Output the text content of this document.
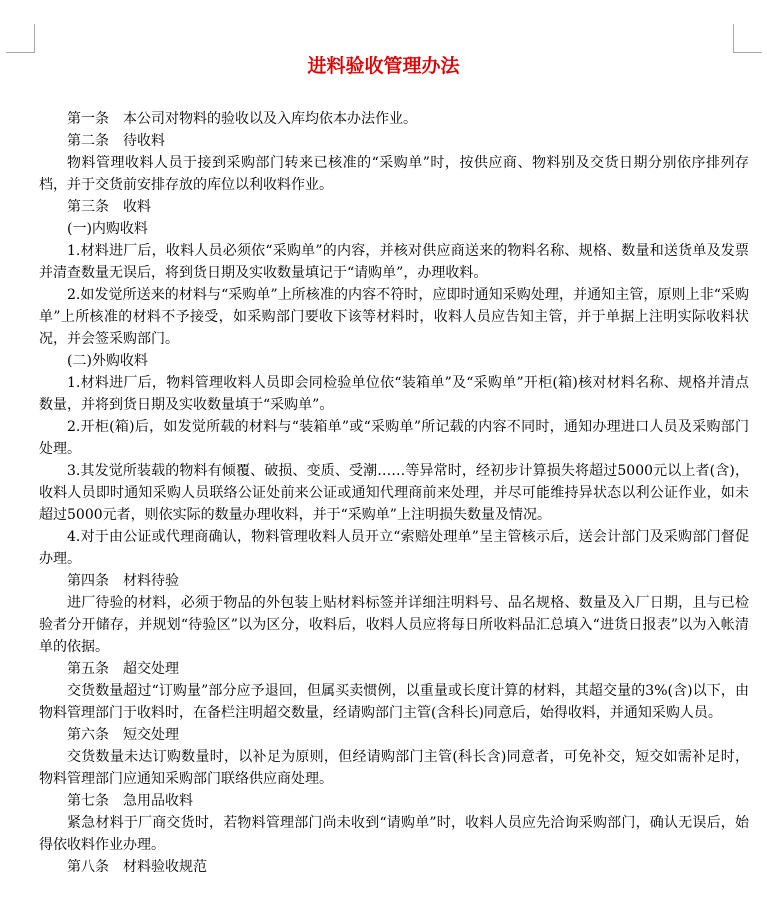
进料验收管理办法

第一条　本公司对物料的验收以及入库均依本办法作业。

第二条　待收料

物料管理收料人员于接到采购部门转来已核准的“采购单”时，按供应商、物料别及交货日期分别依序排列存档，并于交货前安排存放的库位以利收料作业。

第三条　收料

(一)内购收料

1.材料进厂后，收料人员必须依“采购单”的内容，并核对供应商送来的物料名称、规格、数量和送货单及发票并清查数量无误后，将到货日期及实收数量填记于“请购单”，办理收料。

2.如发觉所送来的材料与“采购单”上所核准的内容不符时，应即时通知采购处理，并通知主管，原则上非“采购单”上所核准的材料不予接受，如采购部门要收下该等材料时，收料人员应告知主管，并于单据上注明实际收料状况，并会签采购部门。

(二)外购收料

1.材料进厂后，物料管理收料人员即会同检验单位依“装箱单”及“采购单”开柜(箱)核对材料名称、规格并清点数量，并将到货日期及实收数量填于“采购单”。

2.开柜(箱)后，如发觉所载的材料与“装箱单”或“采购单”所记载的内容不同时，通知办理进口人员及采购部门处理。

3.其发觉所装载的物料有倾覆、破损、变质、受潮……等异常时，经初步计算损失将超过5000元以上者(含)，收料人员即时通知采购人员联络公证处前来公证或通知代理商前来处理，并尽可能维持异状态以利公证作业，如未超过5000元者，则依实际的数量办理收料，并于“采购单”上注明损失数量及情况。

4.对于由公证或代理商确认，物料管理收料人员开立“索赔处理单”呈主管核示后，送会计部门及采购部门督促办理。

第四条　材料待验

进厂待验的材料，必须于物品的外包装上贴材料标签并详细注明料号、品名规格、数量及入厂日期，且与已检验者分开储存，并规划“待验区”以为区分，收料后，收料人员应将每日所收料品汇总填入“进货日报表”以为入帐清单的依据。

第五条　超交处理

交货数量超过“订购量”部分应予退回，但属买卖惯例，以重量或长度计算的材料，其超交量的3%(含)以下，由物料管理部门于收料时，在备栏注明超交数量，经请购部门主管(含科长)同意后，始得收料，并通知采购人员。

第六条　短交处理

交货数量未达订购数量时，以补足为原则，但经请购部门主管(科长含)同意者，可免补交，短交如需补足时，物料管理部门应通知采购部门联络供应商处理。

第七条　急用品收料

紧急材料于厂商交货时，若物料管理部门尚未收到“请购单”时，收料人员应先洽询采购部门，确认无误后，始得依收料作业办理。

第八条　材料验收规范
